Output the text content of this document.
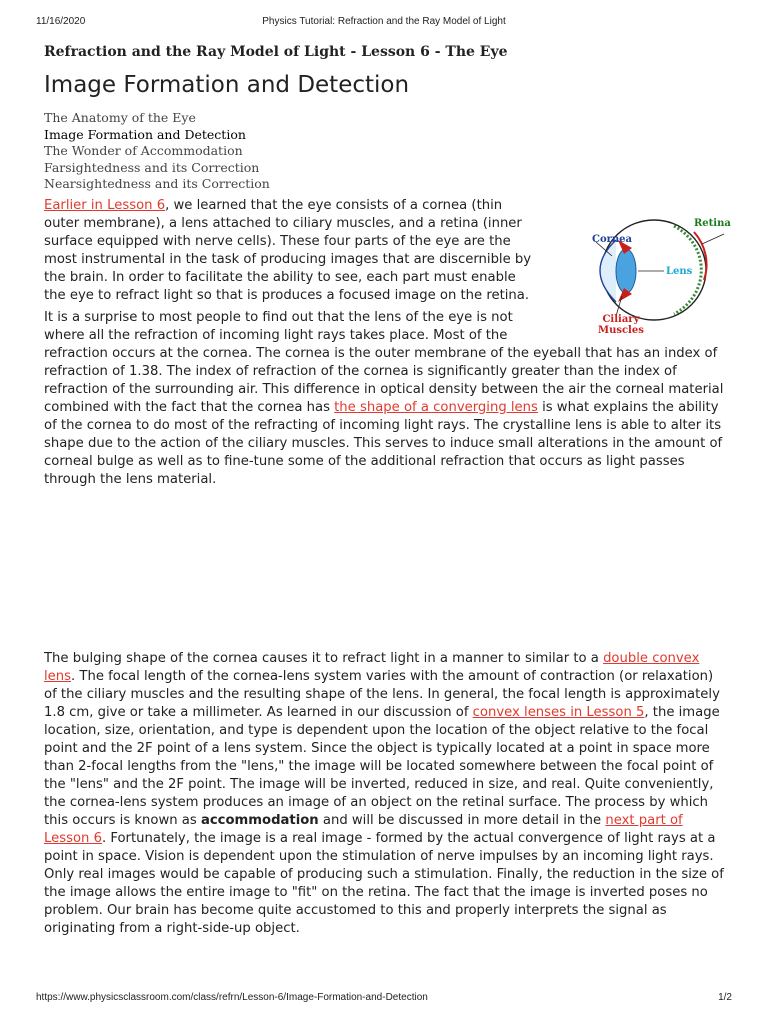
11/16/2020	Physics Tutorial: Refraction and the Ray Model of Light
Refraction and the Ray Model of Light - Lesson 6 - The Eye
Image Formation and Detection
The Anatomy of the Eye
Image Formation and Detection
The Wonder of Accommodation
Farsightedness and its Correction
Nearsightedness and its Correction

Earlier in Lesson 6, we learned that the eye consists of a cornea (thin outer membrane), a lens attached to ciliary muscles, and a retina (inner surface equipped with nerve cells). These four parts of the eye are the most instrumental in the task of producing images that are discernible by the brain. In order to facilitate the ability to see, each part must enable the eye to refract light so that is produces a focused image on the retina.

It is a surprise to most people to find out that the lens of the eye is not where all the refraction of incoming light rays takes place. Most of the refraction occurs at the cornea. The cornea is the outer membrane of the eyeball that has an index of refraction of 1.38. The index of refraction of the cornea is significantly greater than the index of refraction of the surrounding air. This difference in optical density between the air the corneal material combined with the fact that the cornea has the shape of a converging lens is what explains the ability of the cornea to do most of the refracting of incoming light rays. The crystalline lens is able to alter its shape due to the action of the ciliary muscles. This serves to induce small alterations in the amount of corneal bulge as well as to fine-tune some of the additional refraction that occurs as light passes through the lens material.

The bulging shape of the cornea causes it to refract light in a manner to similar to a double convex lens. The focal length of the cornea-lens system varies with the amount of contraction (or relaxation) of the ciliary muscles and the resulting shape of the lens. In general, the focal length is approximately 1.8 cm, give or take a millimeter. As learned in our discussion of convex lenses in Lesson 5, the image location, size, orientation, and type is dependent upon the location of the object relative to the focal point and the 2F point of a lens system. Since the object is typically located at a point in space more than 2-focal lengths from the "lens," the image will be located somewhere between the focal point of the "lens" and the 2F point. The image will be inverted, reduced in size, and real. Quite conveniently, the cornea-lens system produces an image of an object on the retinal surface. The process by which this occurs is known as accommodation and will be discussed in more detail in the next part of Lesson 6. Fortunately, the image is a real image - formed by the actual convergence of light rays at a point in space. Vision is dependent upon the stimulation of nerve impulses by an incoming light rays. Only real images would be capable of producing such a stimulation. Finally, the reduction in the size of the image allows the entire image to "fit" on the retina. The fact that the image is inverted poses no problem. Our brain has become quite accustomed to this and properly interprets the signal as originating from a right-side-up object.

Cornea
Retina
Lens
Ciliary
Muscles
https://www.physicsclassroom.com/class/refrn/Lesson-6/Image-Formation-and-Detection	1/2
